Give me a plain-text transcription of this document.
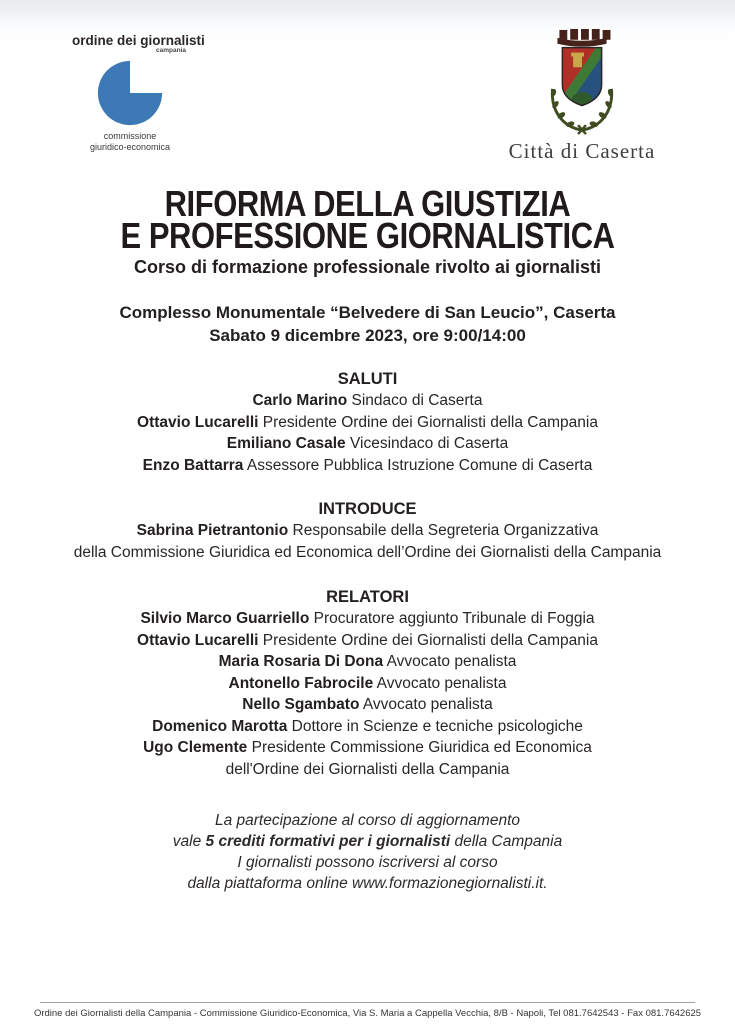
ordine dei giornalisti
campania
commissione
giuridico-economica	Città di Caserta
RIFORMA DELLA GIUSTIZIA
E PROFESSIONE GIORNALISTICA
Corso di formazione professionale rivolto ai giornalisti
Complesso Monumentale “Belvedere di San Leucio”, Caserta
Sabato 9 dicembre 2023, ore 9:00/14:00
SALUTI
Carlo Marino Sindaco di Caserta
Ottavio Lucarelli Presidente Ordine dei Giornalisti della Campania
Emiliano Casale Vicesindaco di Caserta
Enzo Battarra Assessore Pubblica Istruzione Comune di Caserta
INTRODUCE
Sabrina Pietrantonio Responsabile della Segreteria Organizzativa
della Commissione Giuridica ed Economica dell’Ordine dei Giornalisti della Campania
RELATORI
Silvio Marco Guarriello Procuratore aggiunto Tribunale di Foggia
Ottavio Lucarelli Presidente Ordine dei Giornalisti della Campania
Maria Rosaria Di Dona Avvocato penalista
Antonello Fabrocile Avvocato penalista
Nello Sgambato Avvocato penalista
Domenico Marotta Dottore in Scienze e tecniche psicologiche
Ugo Clemente Presidente Commissione Giuridica ed Economica
dell'Ordine dei Giornalisti della Campania
La partecipazione al corso di aggiornamento
vale 5 crediti formativi per i giornalisti della Campania
I giornalisti possono iscriversi al corso
dalla piattaforma online www.formazionegiornalisti.it.
Ordine dei Giornalisti della Campania - Commissione Giuridico-Economica, Via S. Maria a Cappella Vecchia, 8/B - Napoli, Tel 081.7642543 - Fax 081.7642625
